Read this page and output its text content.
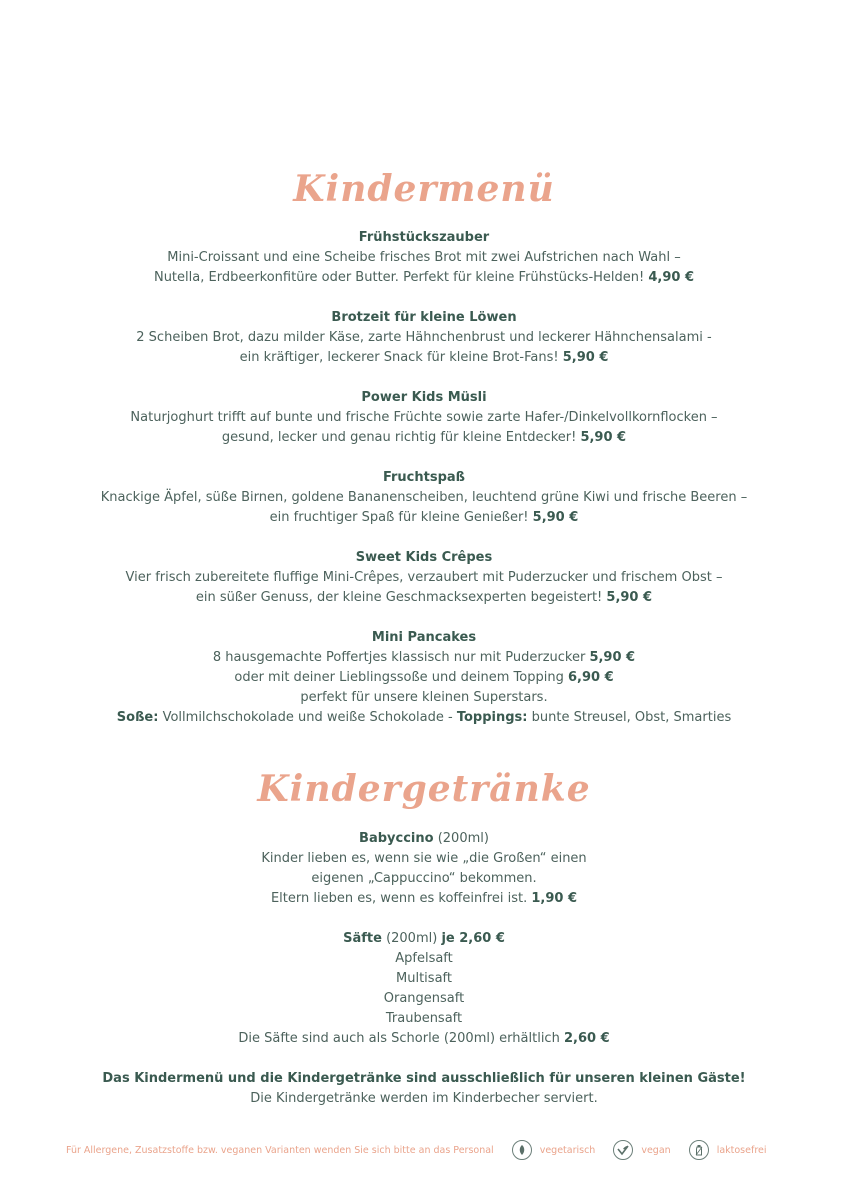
Kindermenü
Frühstückszauber
Mini-Croissant und eine Scheibe frisches Brot mit zwei Aufstrichen nach Wahl –
Nutella, Erdbeerkonfitüre oder Butter. Perfekt für kleine Frühstücks-Helden! 4,90 €
Brotzeit für kleine Löwen
2 Scheiben Brot, dazu milder Käse, zarte Hähnchenbrust und leckerer Hähnchensalami -
ein kräftiger, leckerer Snack für kleine Brot-Fans! 5,90 €
Power Kids Müsli
Naturjoghurt trifft auf bunte und frische Früchte sowie zarte Hafer-/Dinkelvollkornflocken –
gesund, lecker und genau richtig für kleine Entdecker! 5,90 €
Fruchtspaß
Knackige Äpfel, süße Birnen, goldene Bananenscheiben, leuchtend grüne Kiwi und frische Beeren –
ein fruchtiger Spaß für kleine Genießer! 5,90 €
Sweet Kids Crêpes
Vier frisch zubereitete fluffige Mini-Crêpes, verzaubert mit Puderzucker und frischem Obst –
ein süßer Genuss, der kleine Geschmacksexperten begeistert! 5,90 €
Mini Pancakes
8 hausgemachte Poffertjes klassisch nur mit Puderzucker 5,90 €
oder mit deiner Lieblingssoße und deinem Topping 6,90 €
perfekt für unsere kleinen Superstars.
Soße: Vollmilchschokolade und weiße Schokolade - Toppings: bunte Streusel, Obst, Smarties
Kindergetränke
Babyccino (200ml)
Kinder lieben es, wenn sie wie „die Großen“ einen
eigenen „Cappuccino“ bekommen.
Eltern lieben es, wenn es koffeinfrei ist. 1,90 €
Säfte (200ml) je 2,60 €
Apfelsaft
Multisaft
Orangensaft
Traubensaft
Die Säfte sind auch als Schorle (200ml) erhältlich 2,60 €
Das Kindermenü und die Kindergetränke sind ausschließlich für unseren kleinen Gäste!
Die Kindergetränke werden im Kinderbecher serviert.
Für Allergene, Zusatzstoffe bzw. veganen Varianten wenden Sie sich bitte an das Personal	vegetarisch	vegan	laktosefrei
